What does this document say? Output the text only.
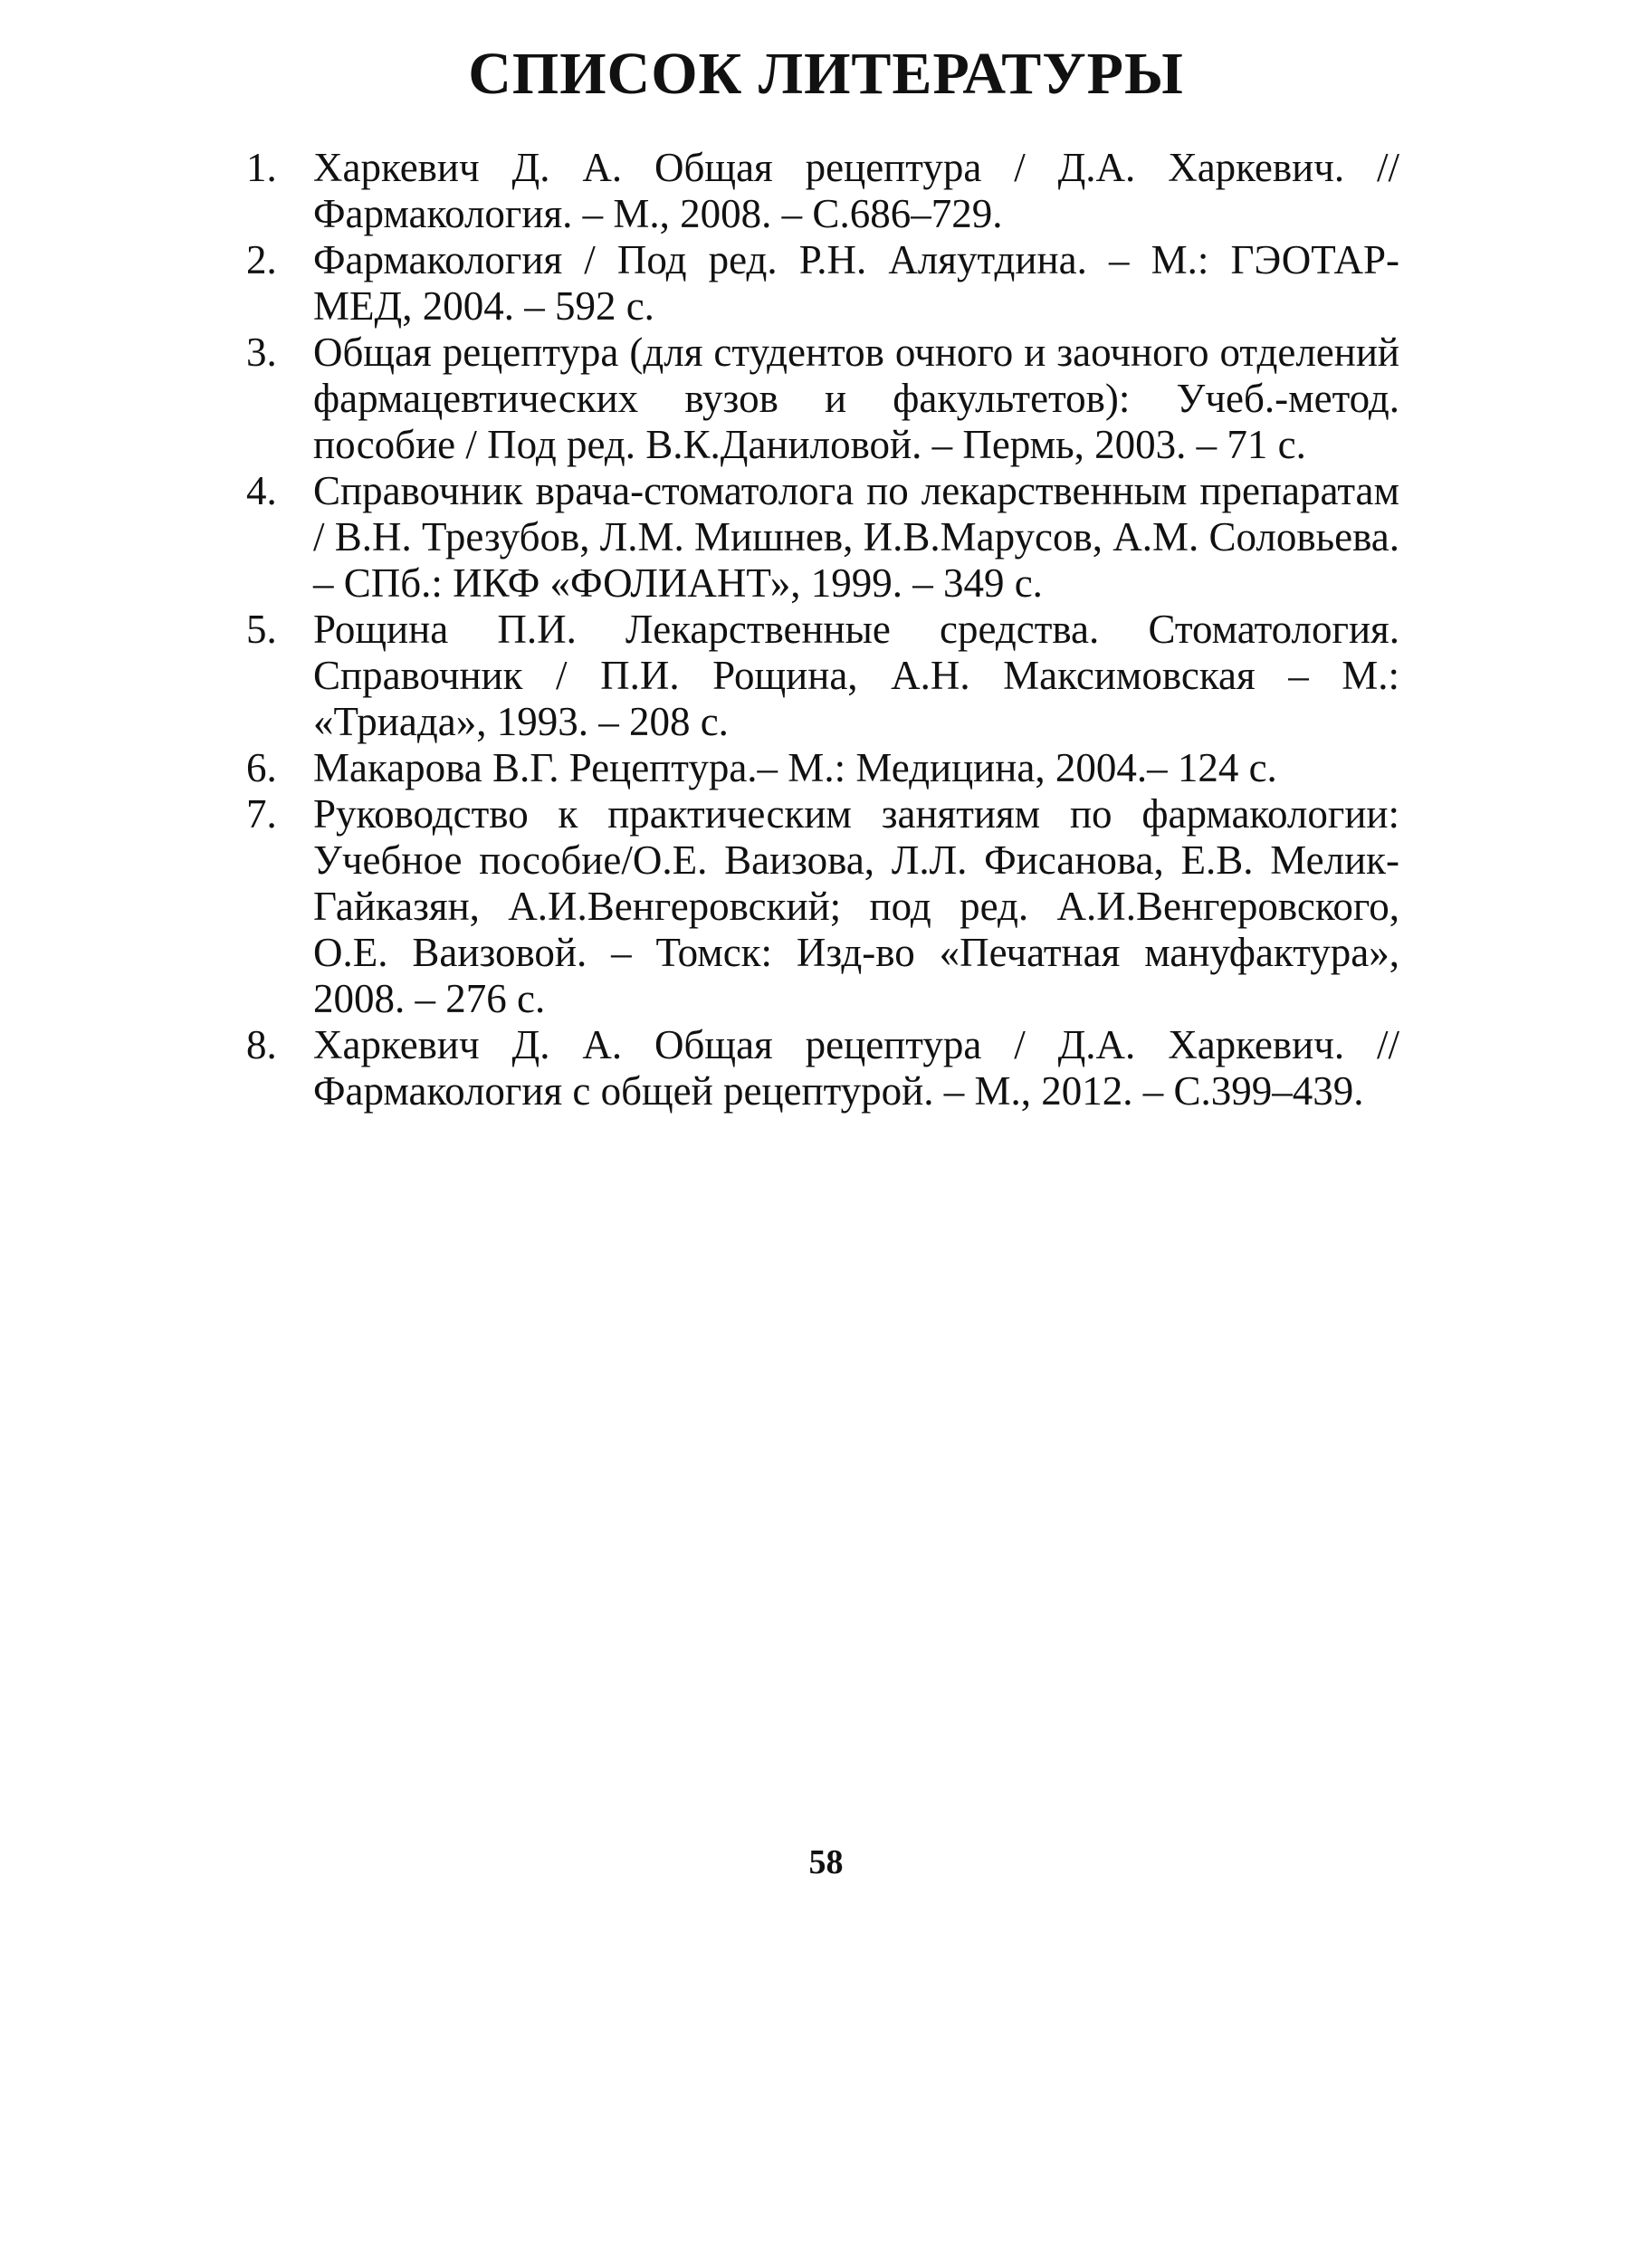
СПИСОК ЛИТЕРАТУРЫ
1. Харкевич Д. А. Общая рецептура / Д.А. Харкевич. // Фармакология. – М., 2008. – С.686–729.
2. Фармакология / Под ред. Р.Н. Аляутдина. – М.: ГЭОТАР-МЕД, 2004. – 592 с.
3. Общая рецептура (для студентов очного и заочного отделений фармацевтических вузов и факультетов): Учеб.-метод. пособие / Под ред. В.К.Даниловой. – Пермь, 2003. – 71 с.
4. Справочник врача-стоматолога по лекарственным препаратам / В.Н. Трезубов, Л.М. Мишнев, И.В.Марусов, А.М. Соловьева. – СПб.: ИКФ «ФОЛИАНТ», 1999. – 349 с.
5. Рощина П.И. Лекарственные средства. Стоматология. Справочник / П.И. Рощина, А.Н. Максимовская – М.: «Триада», 1993. – 208 с.
6. Макарова В.Г. Рецептура.– М.: Медицина, 2004.– 124 с.
7. Руководство к практическим занятиям по фармакологии: Учебное пособие/О.Е. Ваизова, Л.Л. Фисанова, Е.В. Мелик-Гайказян, А.И.Венгеровский; под ред. А.И.Венгеровского, О.Е. Ваизовой. – Томск: Изд-во «Печатная мануфактура», 2008. – 276 с.
8. Харкевич Д. А. Общая рецептура / Д.А. Харкевич. // Фармакология с общей рецептурой. – М., 2012. – С.399–439.
58
